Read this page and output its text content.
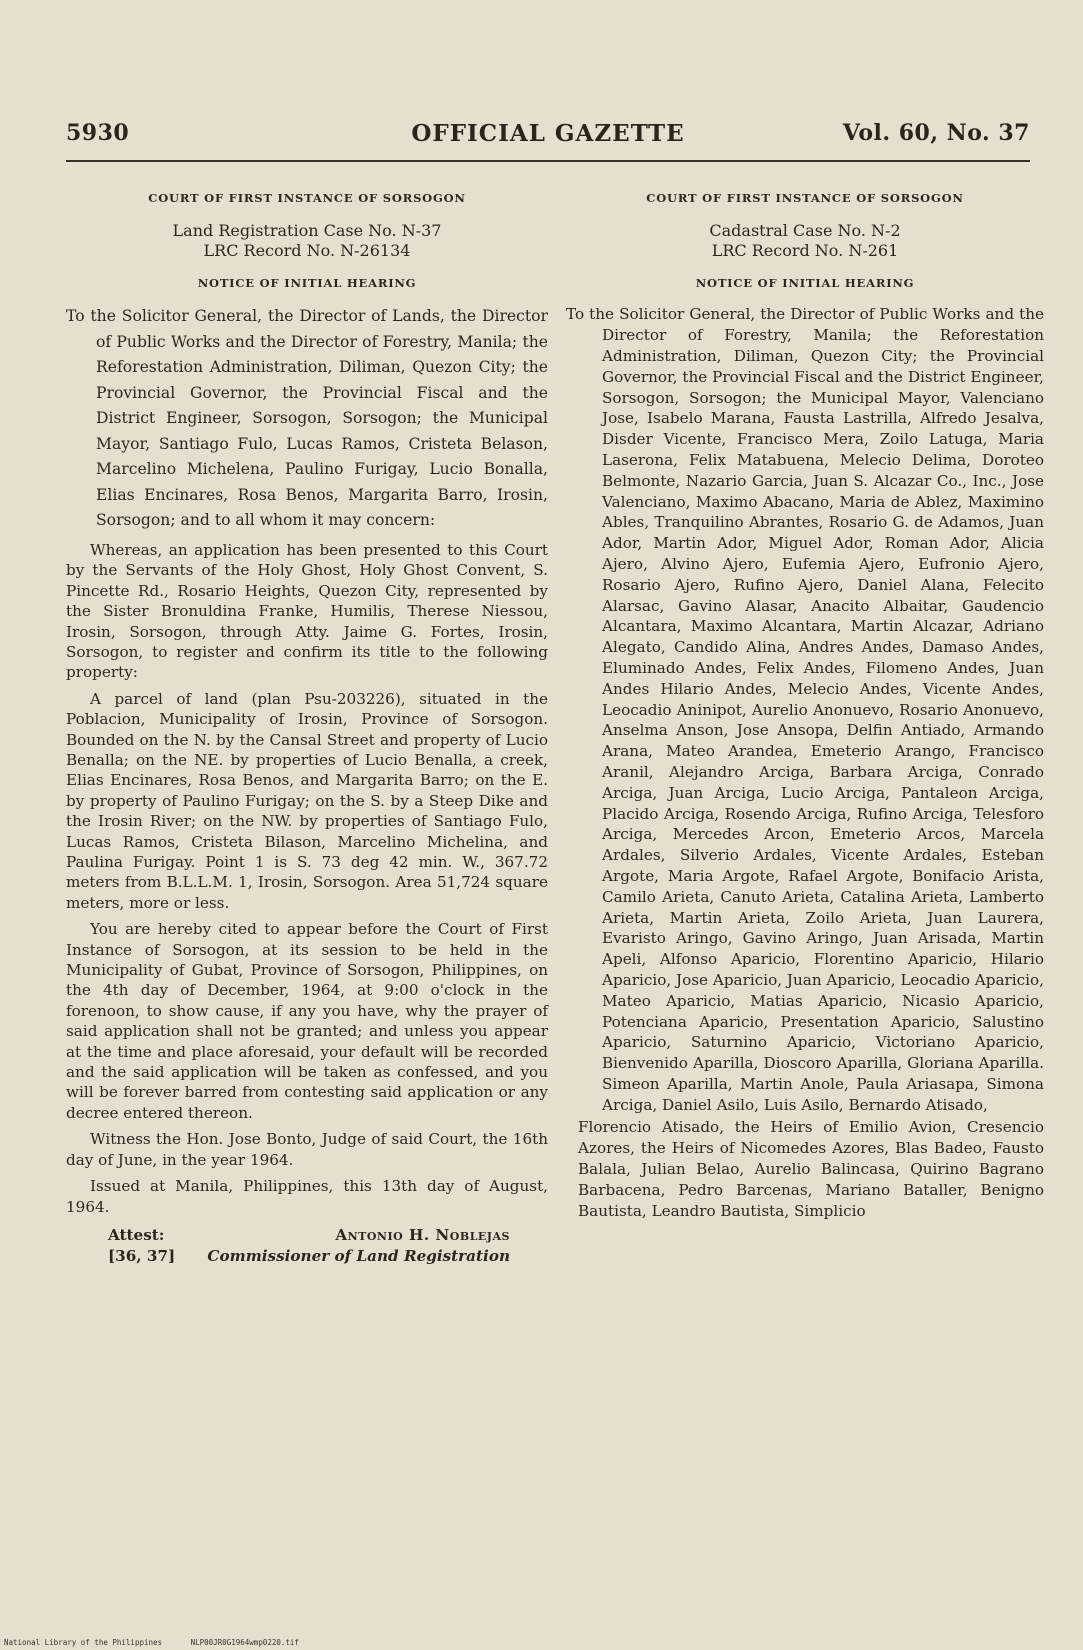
5930	OFFICIAL GAZETTE	Vol. 60, No. 37

COURT OF FIRST INSTANCE OF SORSOGON

Land Registration Case No. N-37

LRC Record No. N-26134

NOTICE OF INITIAL HEARING

To the Solicitor General, the Director of Lands, the Director of Public Works and the Director of Forestry, Manila; the Reforestation Administration, Diliman, Quezon City; the Provincial Governor, the Provincial Fiscal and the District Engineer, Sorsogon, Sorsogon; the Municipal Mayor, Santiago Fulo, Lucas Ramos, Cristeta Belason, Marcelino Michelena, Paulino Furigay, Lucio Bonalla, Elias Encinares, Rosa Benos, Margarita Barro, Irosin, Sorsogon; and to all whom it may concern:

Whereas, an application has been presented to this Court by the Servants of the Holy Ghost, Holy Ghost Convent, S. Pincette Rd., Rosario Heights, Quezon City, represented by the Sister Bronuldina Franke, Humilis, Therese Niessou, Irosin, Sorsogon, through Atty. Jaime G. Fortes, Irosin, Sorsogon, to register and confirm its title to the following property:

A parcel of land (plan Psu-203226), situated in the Poblacion, Municipality of Irosin, Province of Sorsogon. Bounded on the N. by the Cansal Street and property of Lucio Benalla; on the NE. by properties of Lucio Benalla, a creek, Elias Encinares, Rosa Benos, and Margarita Barro; on the E. by property of Paulino Furigay; on the S. by a Steep Dike and the Irosin River; on the NW. by properties of Santiago Fulo, Lucas Ramos, Cristeta Bilason, Marcelino Michelina, and Paulina Furigay. Point 1 is S. 73 deg 42 min. W., 367.72 meters from B.L.L.M. 1, Irosin, Sorsogon. Area 51,724 square meters, more or less.

You are hereby cited to appear before the Court of First Instance of Sorsogon, at its session to be held in the Municipality of Gubat, Province of Sorsogon, Philippines, on the 4th day of December, 1964, at 9:00 o'clock in the forenoon, to show cause, if any you have, why the prayer of said application shall not be granted; and unless you appear at the time and place aforesaid, your default will be recorded and the said application will be taken as confessed, and you will be forever barred from contesting said application or any decree entered thereon.

Witness the Hon. Jose Bonto, Judge of said Court, the 16th day of June, in the year 1964.

Issued at Manila, Philippines, this 13th day of August, 1964.

Attest:
[36, 37]
Antonio H. Noblejas
Commissioner of Land Registration

COURT OF FIRST INSTANCE OF SORSOGON

Cadastral Case No. N-2

LRC Record No. N-261

NOTICE OF INITIAL HEARING

To the Solicitor General, the Director of Public Works and the Director of Forestry, Manila; the Reforestation Administration, Diliman, Quezon City; the Provincial Governor, the Provincial Fiscal and the District Engineer, Sorsogon, Sorsogon; the Municipal Mayor, Valenciano Jose, Isabelo Marana, Fausta Lastrilla, Alfredo Jesalva, Disder Vicente, Francisco Mera, Zoilo Latuga, Maria Laserona, Felix Matabuena, Melecio Delima, Doroteo Belmonte, Nazario Garcia, Juan S. Alcazar Co., Inc., Jose Valenciano, Maximo Abacano, Maria de Ablez, Maximino Ables, Tranquilino Abrantes, Rosario G. de Adamos, Juan Ador, Martin Ador, Miguel Ador, Roman Ador, Alicia Ajero, Alvino Ajero, Eufemia Ajero, Eufronio Ajero, Rosario Ajero, Rufino Ajero, Daniel Alana, Felecito Alarsac, Gavino Alasar, Anacito Albaitar, Gaudencio Alcantara, Maximo Alcantara, Martin Alcazar, Adriano Alegato, Candido Alina, Andres Andes, Damaso Andes, Eluminado Andes, Felix Andes, Filomeno Andes, Juan Andes Hilario Andes, Melecio Andes, Vicente Andes, Leocadio Aninipot, Aurelio Anonuevo, Rosario Anonuevo, Anselma Anson, Jose Ansopa, Delfin Antiado, Armando Arana, Mateo Arandea, Emeterio Arango, Francisco Aranil, Alejandro Arciga, Barbara Arciga, Conrado Arciga, Juan Arciga, Lucio Arciga, Pantaleon Arciga, Placido Arciga, Rosendo Arciga, Rufino Arciga, Telesforo Arciga, Mercedes Arcon, Emeterio Arcos, Marcela Ardales, Silverio Ardales, Vicente Ardales, Esteban Argote, Maria Argote, Rafael Argote, Bonifacio Arista, Camilo Arieta, Canuto Arieta, Catalina Arieta, Lamberto Arieta, Martin Arieta, Zoilo Arieta, Juan Laurera, Evaristo Aringo, Gavino Aringo, Juan Arisada, Martin Apeli, Alfonso Aparicio, Florentino Aparicio, Hilario Aparicio, Jose Aparicio, Juan Aparicio, Leocadio Aparicio, Mateo Aparicio, Matias Aparicio, Nicasio Aparicio, Potenciana Aparicio, Presentation Aparicio, Salustino Aparicio, Saturnino Aparicio, Victoriano Aparicio, Bienvenido Aparilla, Dioscoro Aparilla, Gloriana Aparilla. Simeon Aparilla, Martin Anole, Paula Ariasapa, Simona Arciga, Daniel Asilo, Luis Asilo, Bernardo Atisado,

Florencio Atisado, the Heirs of Emilio Avion, Cresencio Azores, the Heirs of Nicomedes Azores, Blas Badeo, Fausto Balala, Julian Belao, Aurelio Balincasa, Quirino Bagrano Barbacena, Pedro Barcenas, Mariano Bataller, Benigno Bautista, Leandro Bautista, Simplicio

National Library of the Philippines	NLP00JR0G1964wmp0220.tif
